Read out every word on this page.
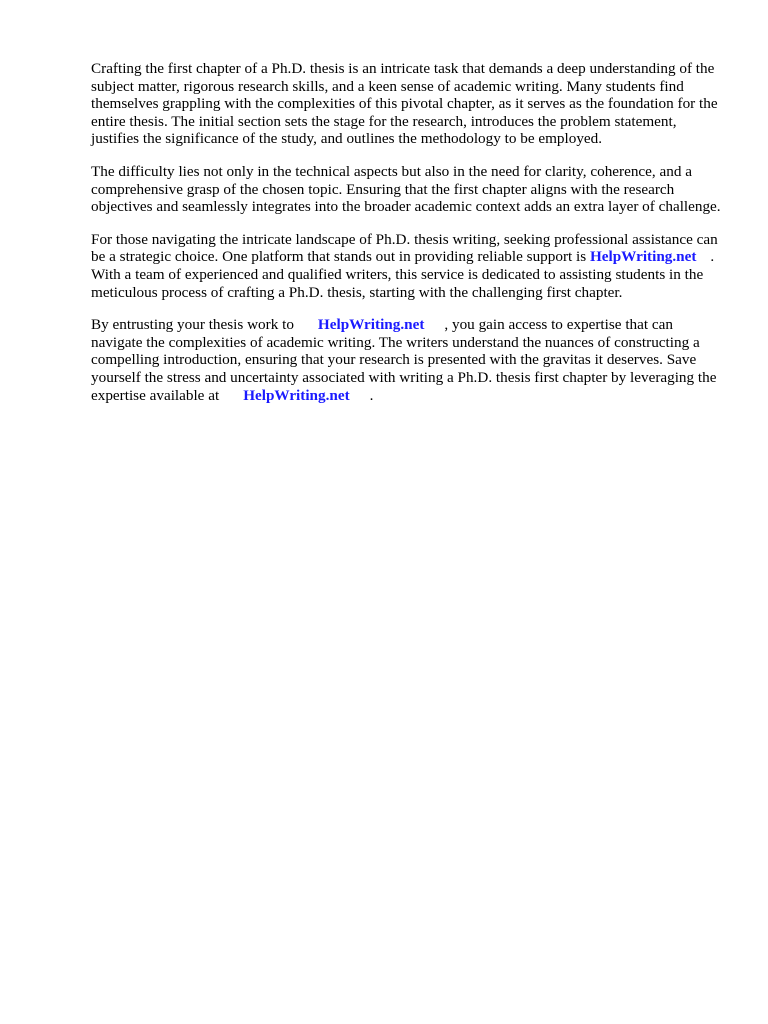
Crafting the first chapter of a Ph.D. thesis is an intricate task that demands a deep understanding of the subject matter, rigorous research skills, and a keen sense of academic writing. Many students find themselves grappling with the complexities of this pivotal chapter, as it serves as the foundation for the entire thesis. The initial section sets the stage for the research, introduces the problem statement, justifies the significance of the study, and outlines the methodology to be employed.

The difficulty lies not only in the technical aspects but also in the need for clarity, coherence, and a comprehensive grasp of the chosen topic. Ensuring that the first chapter aligns with the research objectives and seamlessly integrates into the broader academic context adds an extra layer of challenge.

For those navigating the intricate landscape of Ph.D. thesis writing, seeking professional assistance can be a strategic choice. One platform that stands out in providing reliable support is HelpWriting.net . With a team of experienced and qualified writers, this service is dedicated to assisting students in the meticulous process of crafting a Ph.D. thesis, starting with the challenging first chapter.

By entrusting your thesis work to HelpWriting.net , you gain access to expertise that can navigate the complexities of academic writing. The writers understand the nuances of constructing a compelling introduction, ensuring that your research is presented with the gravitas it deserves. Save yourself the stress and uncertainty associated with writing a Ph.D. thesis first chapter by leveraging the expertise available at HelpWriting.net .
